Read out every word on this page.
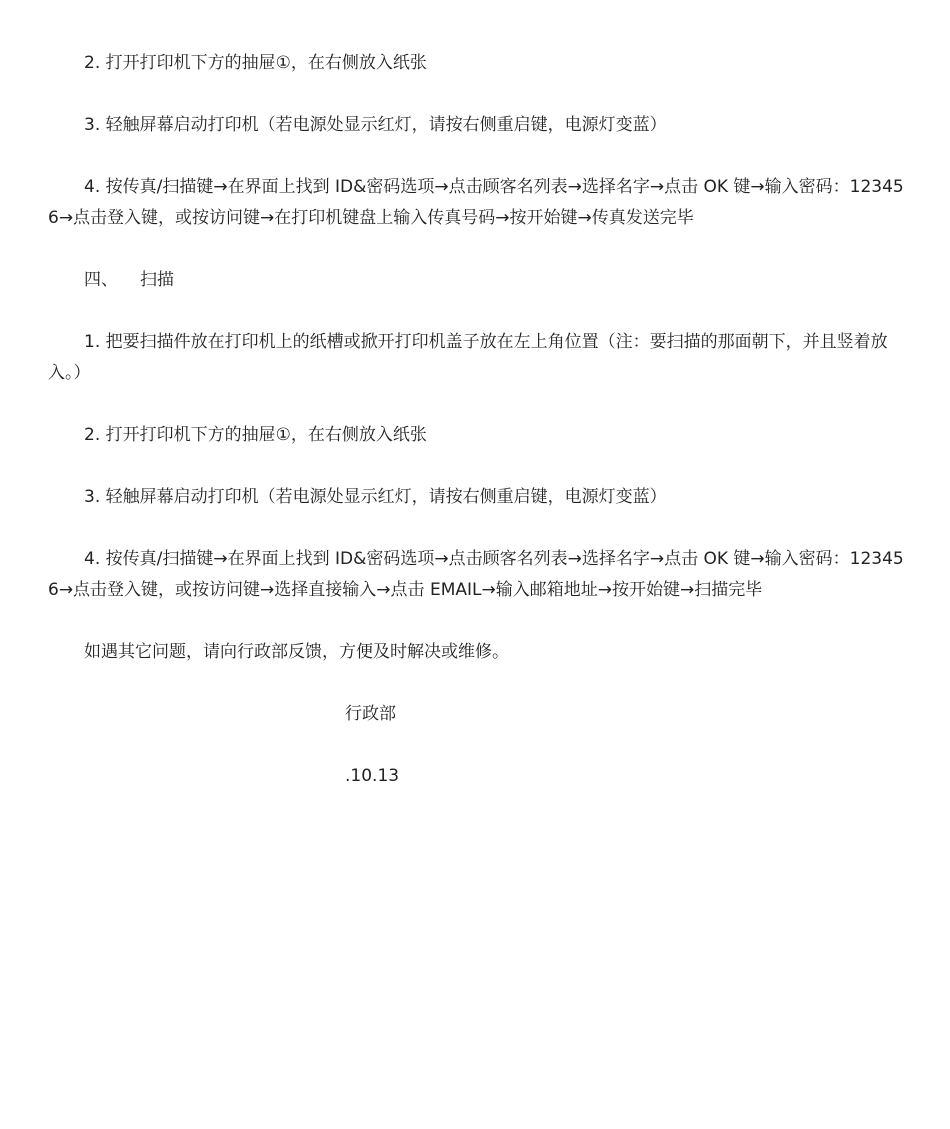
2. 打开打印机下方的抽屉①，在右侧放入纸张

3. 轻触屏幕启动打印机（若电源处显示红灯，请按右侧重启键，电源灯变蓝）

4. 按传真/扫描键→在界面上找到 ID&密码选项→点击顾客名列表→选择名字→点击 OK 键→输入密码：123456→点击登入键，或按访问键→在打印机键盘上输入传真号码→按开始键→传真发送完毕

四、 扫描

1. 把要扫描件放在打印机上的纸槽或掀开打印机盖子放在左上角位置（注：要扫描的那面朝下，并且竖着放入。）

2. 打开打印机下方的抽屉①，在右侧放入纸张

3. 轻触屏幕启动打印机（若电源处显示红灯，请按右侧重启键，电源灯变蓝）

4. 按传真/扫描键→在界面上找到 ID&密码选项→点击顾客名列表→选择名字→点击 OK 键→输入密码：123456→点击登入键，或按访问键→选择直接输入→点击 EMAIL→输入邮箱地址→按开始键→扫描完毕

如遇其它问题，请向行政部反馈，方便及时解决或维修。

行政部

.10.13
